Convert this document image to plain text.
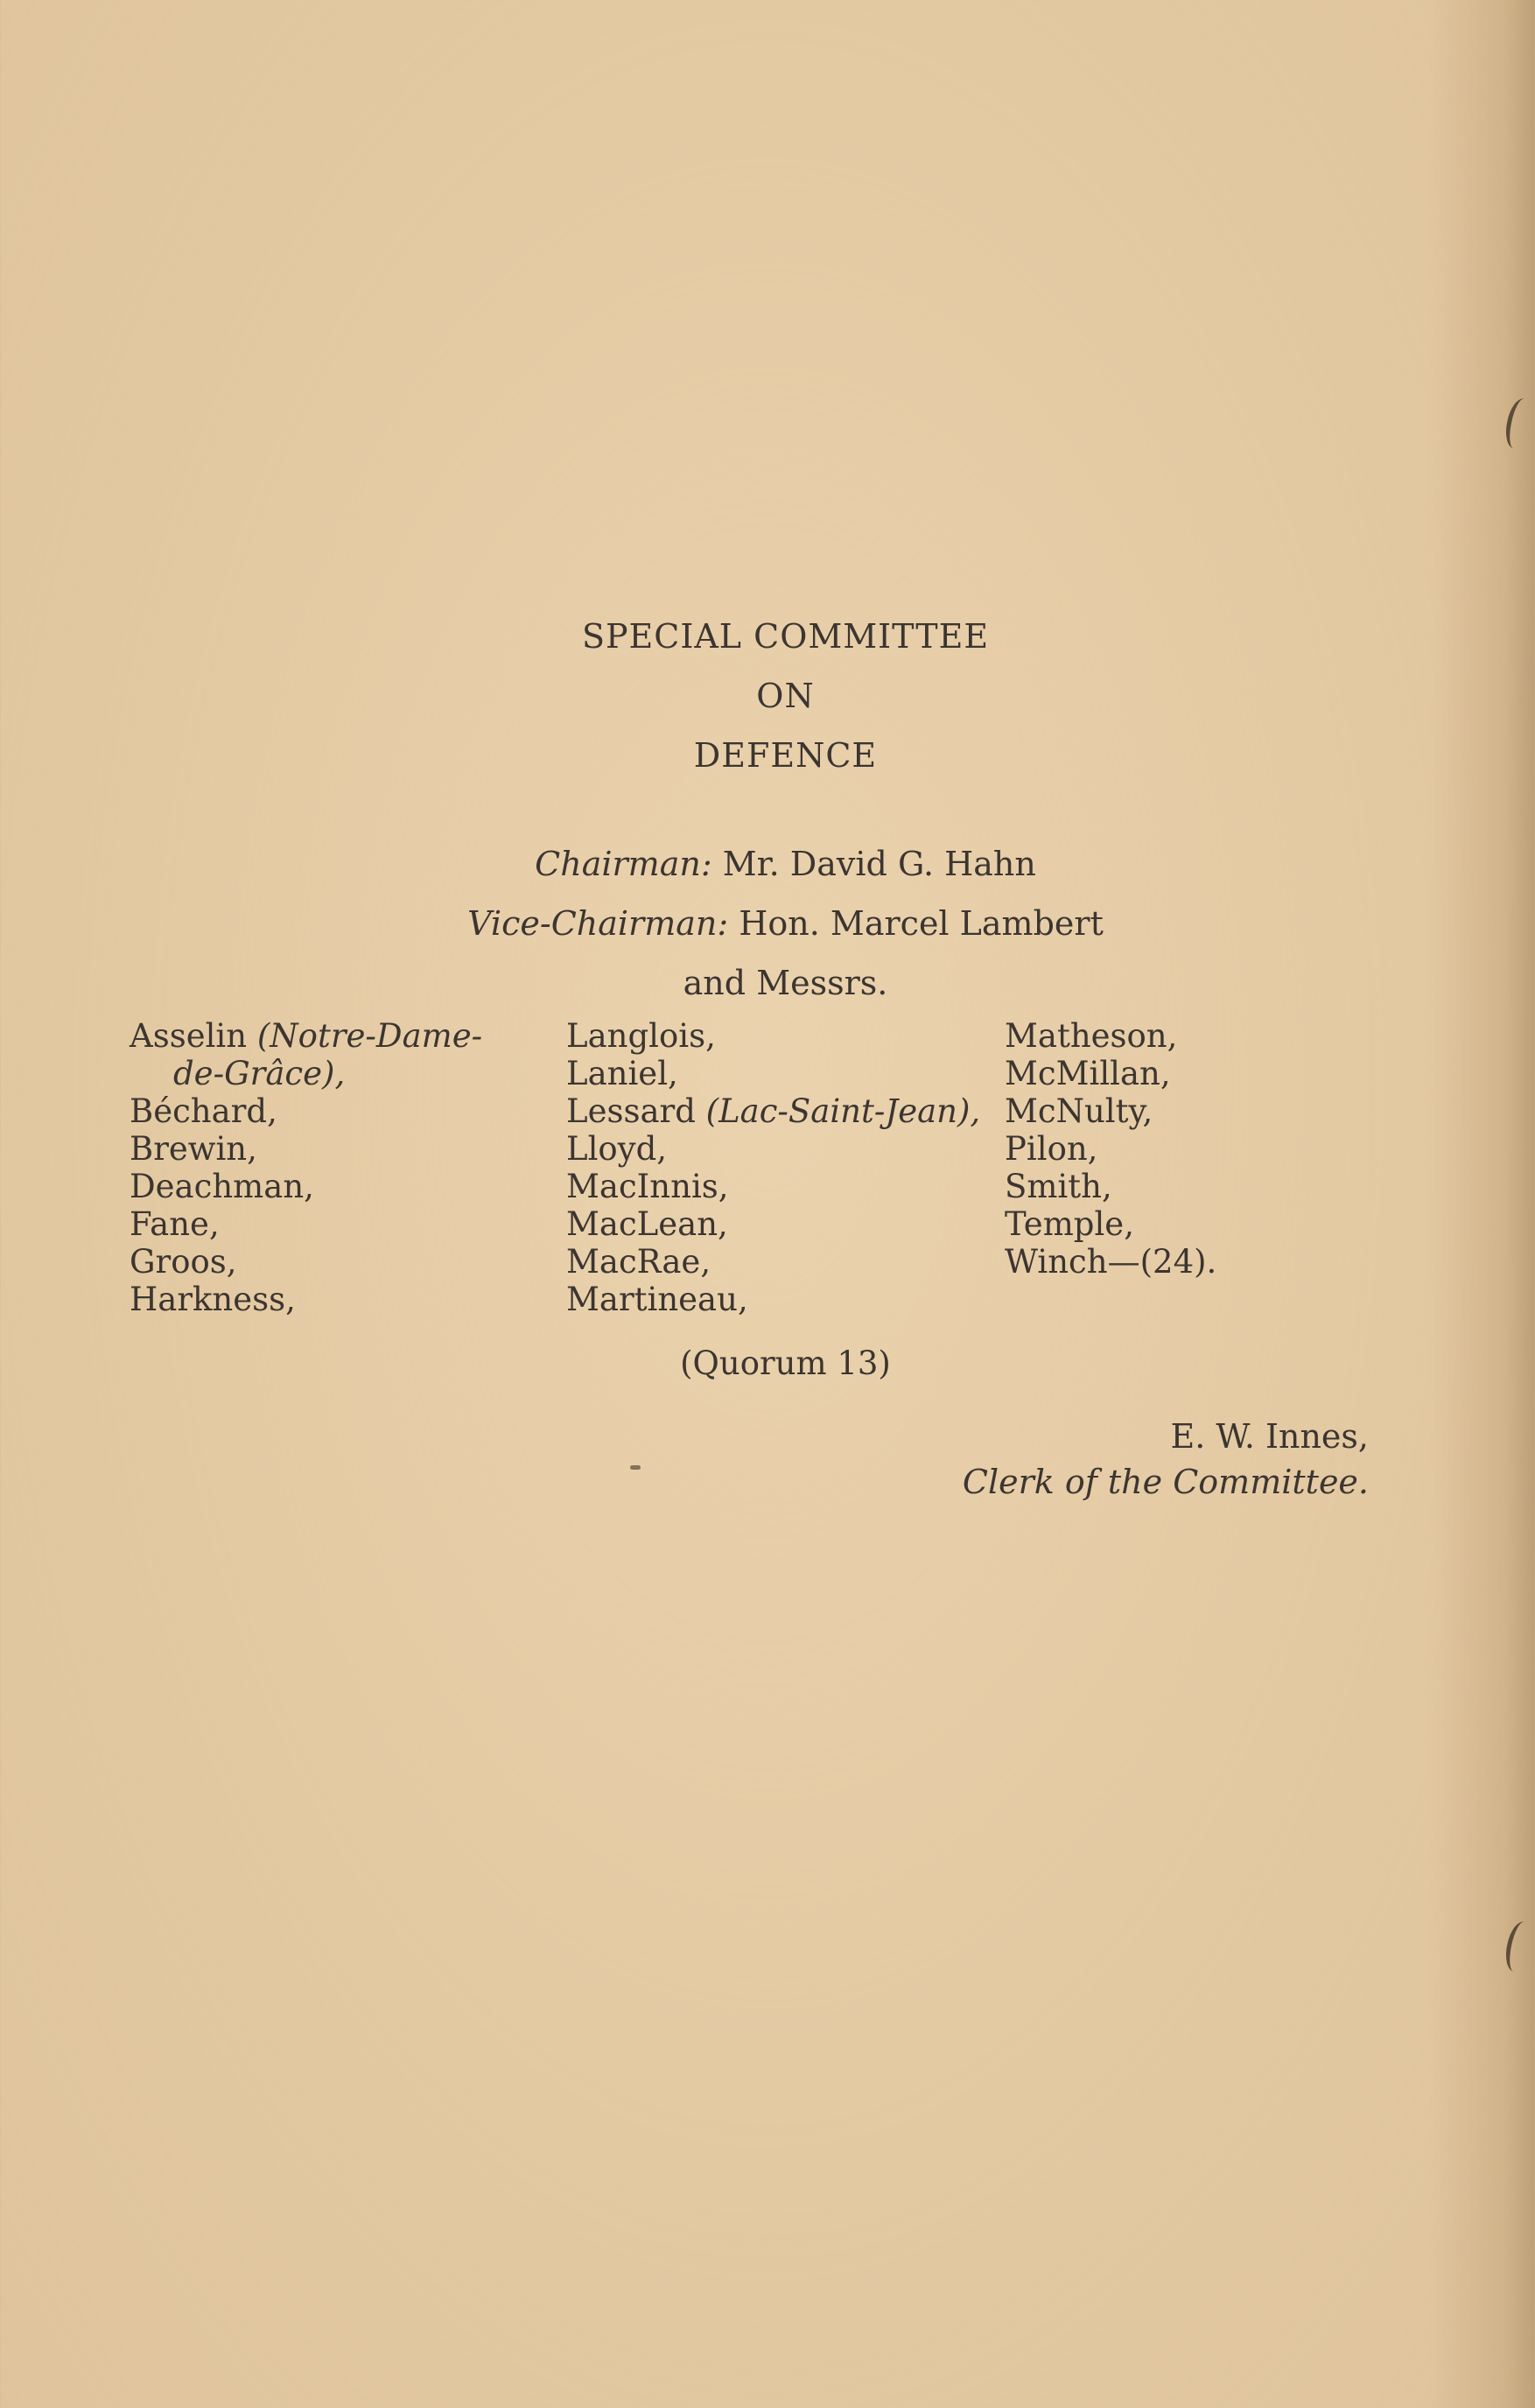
SPECIAL COMMITTEE
ON
DEFENCE
Chairman: Mr. David G. Hahn
Vice-Chairman: Hon. Marcel Lambert
and Messrs.
Asselin (Notre-Dame-
de-Grâce),
Béchard,
Brewin,
Deachman,
Fane,
Groos,
Harkness,
Langlois,
Laniel,
Lessard (Lac-Saint-Jean),
Lloyd,
MacInnis,
MacLean,
MacRae,
Martineau,
Matheson,
McMillan,
McNulty,
Pilon,
Smith,
Temple,
Winch—(24).
(Quorum 13)
E. W. Innes,
Clerk of the Committee.
